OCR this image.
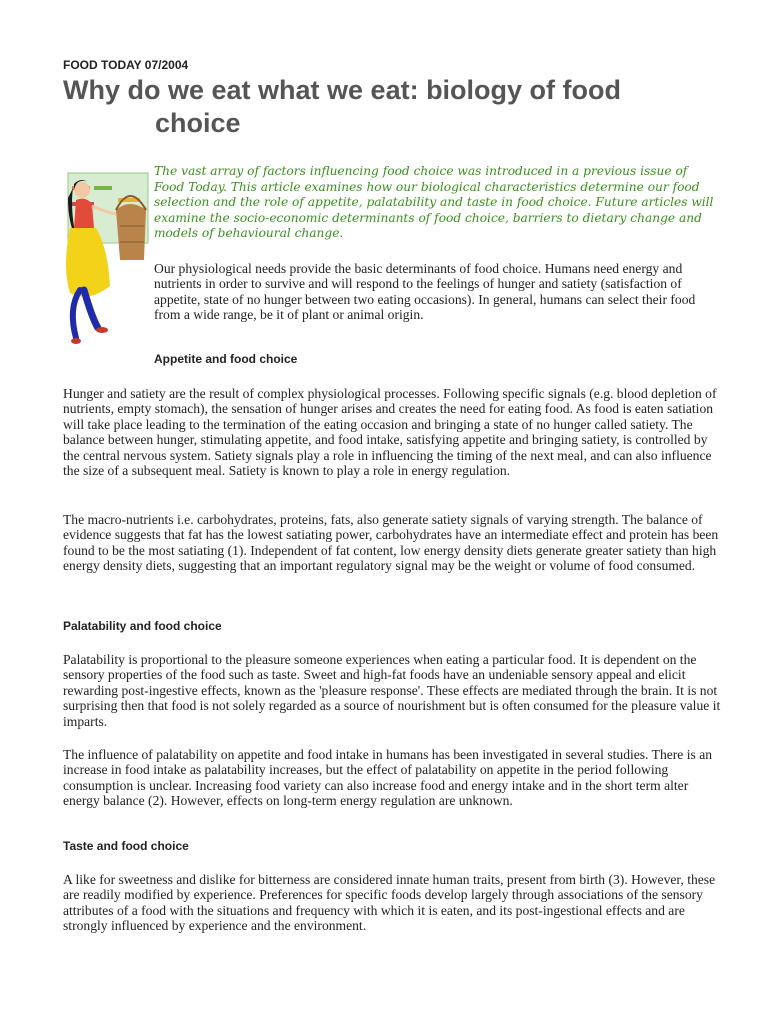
FOOD TODAY 07/2004
Why do we eat what we eat: biology of food
choice

The vast array of factors influencing food choice was introduced in a previous issue of Food Today. This article examines how our biological characteristics determine our food selection and the role of appetite, palatability and taste in food choice. Future articles will examine the socio-economic determinants of food choice, barriers to dietary change and models of behavioural change.

Our physiological needs provide the basic determinants of food choice. Humans need energy and nutrients in order to survive and will respond to the feelings of hunger and satiety (satisfaction of appetite, state of no hunger between two eating occasions). In general, humans can select their food from a wide range, be it of plant or animal origin.

Appetite and food choice

Hunger and satiety are the result of complex physiological processes. Following specific signals (e.g. blood depletion of nutrients, empty stomach), the sensation of hunger arises and creates the need for eating food. As food is eaten satiation will take place leading to the termination of the eating occasion and bringing a state of no hunger called satiety. The balance between hunger, stimulating appetite, and food intake, satisfying appetite and bringing satiety, is controlled by the central nervous system. Satiety signals play a role in influencing the timing of the next meal, and can also influence the size of a subsequent meal. Satiety is known to play a role in energy regulation.

The macro-nutrients i.e. carbohydrates, proteins, fats, also generate satiety signals of varying strength. The balance of evidence suggests that fat has the lowest satiating power, carbohydrates have an intermediate effect and protein has been found to be the most satiating (1). Independent of fat content, low energy density diets generate greater satiety than high energy density diets, suggesting that an important regulatory signal may be the weight or volume of food consumed.

Palatability and food choice

Palatability is proportional to the pleasure someone experiences when eating a particular food. It is dependent on the sensory properties of the food such as taste. Sweet and high-fat foods have an undeniable sensory appeal and elicit rewarding post-ingestive effects, known as the 'pleasure response'. These effects are mediated through the brain. It is not surprising then that food is not solely regarded as a source of nourishment but is often consumed for the pleasure value it imparts.

The influence of palatability on appetite and food intake in humans has been investigated in several studies. There is an increase in food intake as palatability increases, but the effect of palatability on appetite in the period following consumption is unclear. Increasing food variety can also increase food and energy intake and in the short term alter energy balance (2). However, effects on long-term energy regulation are unknown.

Taste and food choice

A like for sweetness and dislike for bitterness are considered innate human traits, present from birth (3). However, these are readily modified by experience. Preferences for specific foods develop largely through associations of the sensory attributes of a food with the situations and frequency with which it is eaten, and its post-ingestional effects and are strongly influenced by experience and the environment.
